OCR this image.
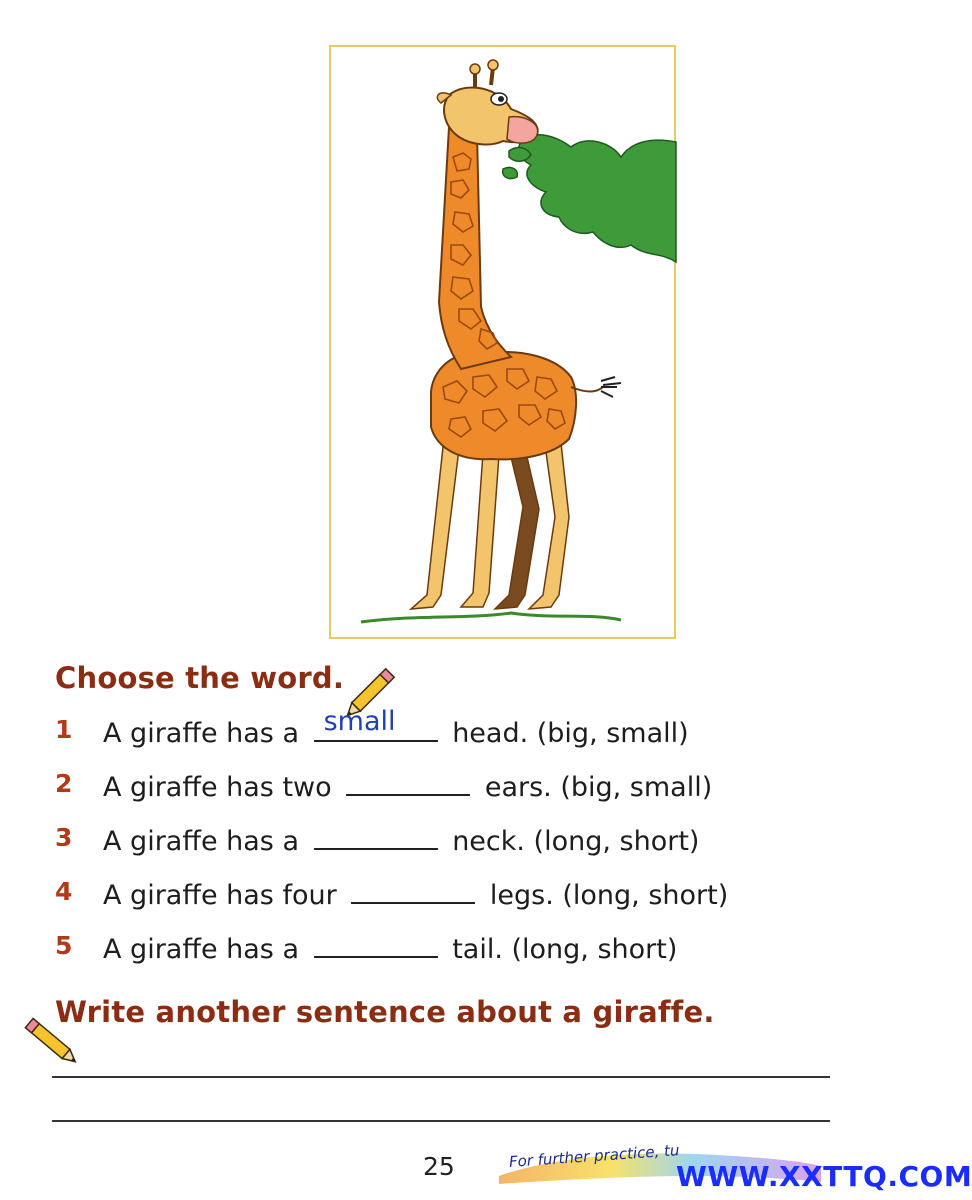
Choose the word.
1 A giraffe has a small head. (big, small)
2 A giraffe has two	ears. (big, small)
3 A giraffe has a	neck. (long, short)
4 A giraffe has four	legs. (long, short)
5 A giraffe has a	tail. (long, short)
Write another sentence about a giraffe.
25	For further practice, tu
WWW.XXTTQ.COM
